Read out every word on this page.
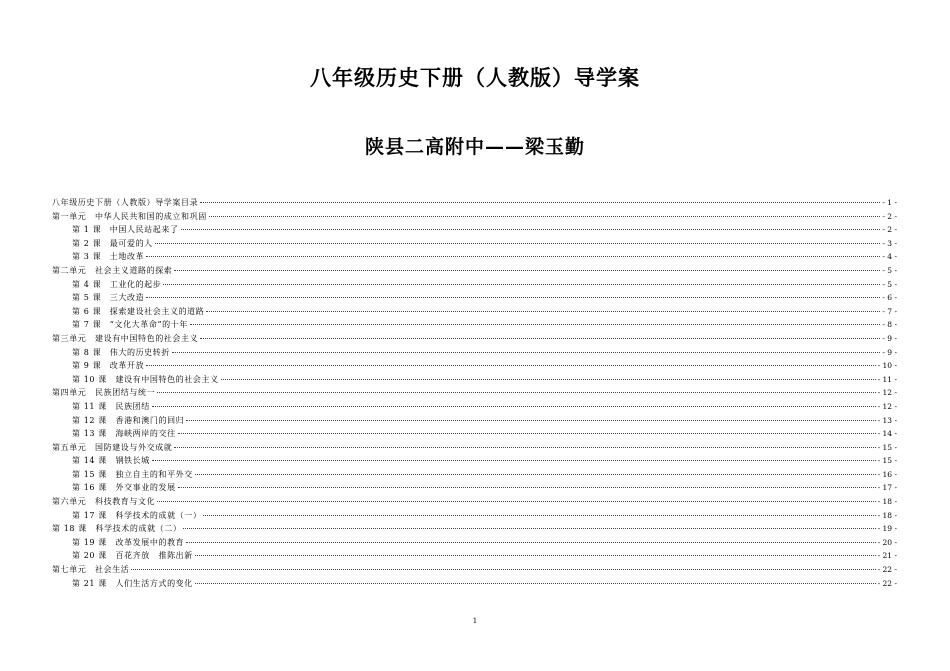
八年级历史下册（人教版）导学案
陕县二高附中——梁玉勤
八年级历史下册（人教版）导学案目录	- 1 -
第一单元　中华人民共和国的成立和巩固	- 2 -
第 1 课　中国人民站起来了	- 2 -
第 2 课　最可爱的人	- 3 -
第 3 课　土地改革	- 4 -
第二单元　社会主义道路的探索	- 5 -
第 4 课　工业化的起步	- 5 -
第 5 课　三大改造	- 6 -
第 6 课　探索建设社会主义的道路	- 7 -
第 7 课　“文化大革命”的十年	- 8 -
第三单元　建设有中国特色的社会主义	- 9 -
第 8 课　伟大的历史转折	- 9 -
第 9 课　改革开放	- 10 -
第 10 课　建设有中国特色的社会主义	- 11 -
第四单元　民族团结与统一	- 12 -
第 11 课　民族团结	- 12 -
第 12 课　香港和澳门的回归	- 13 -
第 13 课　海峡两岸的交往	- 14 -
第五单元　国防建设与外交成就	- 15 -
第 14 课　钢铁长城	- 15 -
第 15 课　独立自主的和平外交	- 16 -
第 16 课　外交事业的发展	- 17 -
第六单元　科技教育与文化	- 18 -
第 17 课　科学技术的成就（一）	- 18 -
第 18 课　科学技术的成就（二）	- 19 -
第 19 课　改革发展中的教育	- 20 -
第 20 课　百花齐放　推陈出新	- 21 -
第七单元　社会生活	- 22 -
第 21 课　人们生活方式的变化	- 22 -
1
